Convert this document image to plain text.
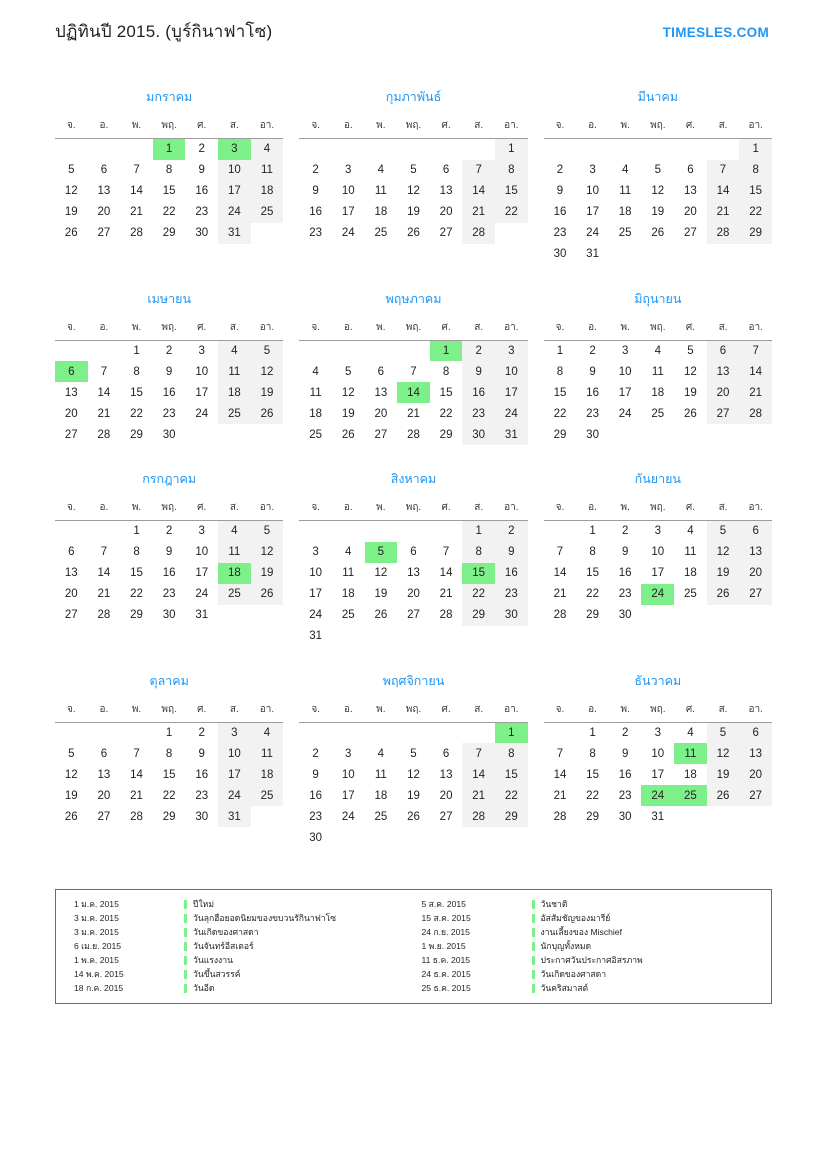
ปฏิทินปี 2015. (บูร์กินาฟาโซ)	TIMESLES.COM
มกราคม
จ.	อ.	พ.	พฤ.	ศ.	ส.	อา.
			1	2	3	4
5	6	7	8	9	10	11
12	13	14	15	16	17	18
19	20	21	22	23	24	25
26	27	28	29	30	31	
กุมภาพันธ์
จ.	อ.	พ.	พฤ.	ศ.	ส.	อา.
						1
2	3	4	5	6	7	8
9	10	11	12	13	14	15
16	17	18	19	20	21	22
23	24	25	26	27	28	
มีนาคม
จ.	อ.	พ.	พฤ.	ศ.	ส.	อา.
						1
2	3	4	5	6	7	8
9	10	11	12	13	14	15
16	17	18	19	20	21	22
23	24	25	26	27	28	29
30	31					
เมษายน
จ.	อ.	พ.	พฤ.	ศ.	ส.	อา.
		1	2	3	4	5
6	7	8	9	10	11	12
13	14	15	16	17	18	19
20	21	22	23	24	25	26
27	28	29	30			
พฤษภาคม
จ.	อ.	พ.	พฤ.	ศ.	ส.	อา.
				1	2	3
4	5	6	7	8	9	10
11	12	13	14	15	16	17
18	19	20	21	22	23	24
25	26	27	28	29	30	31
มิถุนายน
จ.	อ.	พ.	พฤ.	ศ.	ส.	อา.
1	2	3	4	5	6	7
8	9	10	11	12	13	14
15	16	17	18	19	20	21
22	23	24	25	26	27	28
29	30					
กรกฎาคม
จ.	อ.	พ.	พฤ.	ศ.	ส.	อา.
		1	2	3	4	5
6	7	8	9	10	11	12
13	14	15	16	17	18	19
20	21	22	23	24	25	26
27	28	29	30	31		
สิงหาคม
จ.	อ.	พ.	พฤ.	ศ.	ส.	อา.
					1	2
3	4	5	6	7	8	9
10	11	12	13	14	15	16
17	18	19	20	21	22	23
24	25	26	27	28	29	30
31						
กันยายน
จ.	อ.	พ.	พฤ.	ศ.	ส.	อา.
	1	2	3	4	5	6
7	8	9	10	11	12	13
14	15	16	17	18	19	20
21	22	23	24	25	26	27
28	29	30				
ตุลาคม
จ.	อ.	พ.	พฤ.	ศ.	ส.	อา.
			1	2	3	4
5	6	7	8	9	10	11
12	13	14	15	16	17	18
19	20	21	22	23	24	25
26	27	28	29	30	31	
พฤศจิกายน
จ.	อ.	พ.	พฤ.	ศ.	ส.	อา.
						1
2	3	4	5	6	7	8
9	10	11	12	13	14	15
16	17	18	19	20	21	22
23	24	25	26	27	28	29
30						
ธันวาคม
จ.	อ.	พ.	พฤ.	ศ.	ส.	อา.
	1	2	3	4	5	6
7	8	9	10	11	12	13
14	15	16	17	18	19	20
21	22	23	24	25	26	27
28	29	30	31			
1 ม.ค. 2015	ปีใหม่
3 ม.ค. 2015	วันลุกฮือยอดนิยมของขบวนรักินาฟาโซ
3 ม.ค. 2015	วันเกิดของศาสดา
6 เม.ย. 2015	วันจันทร์อีสเตอร์
1 พ.ค. 2015	วันแรงงาน
14 พ.ค. 2015	วันขึ้นสวรรค์
18 ก.ค. 2015	วันอีด
5 ส.ค. 2015	วันชาติ
15 ส.ค. 2015	อัสสัมชัญของมารีย์
24 ก.ย. 2015	งานเลี้ยงของ Mischief
1 พ.ย. 2015	นักบุญทั้งหมด
11 ธ.ค. 2015	ประกาศวันประกาศอิสรภาพ
24 ธ.ค. 2015	วันเกิดของศาสดา
25 ธ.ค. 2015	วันคริสมาสต์
